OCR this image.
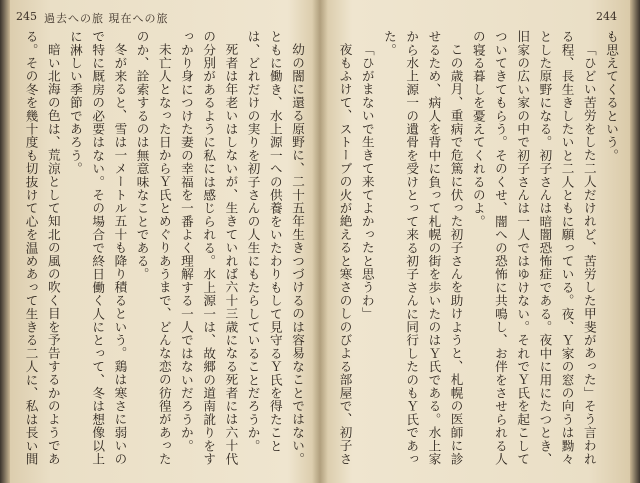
245 過去への旅 現在への旅	244

幼の闇に還る原野に、二十五年生きつづけるのは容易なことではない。ともに働き、水上源一への供養をいたわりもして見守るＹ氏を得たことは、どれだけの実りを初子さんの人生にもたらしていることだろうか。

死者は年老いはしないが、生きていれば六十三歳になる死者には六十代の分別があるように私には感じられる。水上源一は、故郷の道南訛りをすっかり身につけた妻の幸福を一番よく理解する一人ではないだろうか。

未亡人となった日からＹ氏とめぐりあうまで、どんな恋の彷徨があったのか、詮索するのは無意味なことである。

冬が来ると、雪は一メートル五十も降り積るという。鶏は寒さに弱いので特に厩房の必要はない。その場合で終日働く人にとって、冬は想像以上に淋しい季節であろう。

暗い北海の色は、荒涼として知北の風の吹く目を予告するかのようである。その冬を幾十度も切抜けて心を温めあって生きる二人に、私は長い間

も思えてくるという。

「ひどい苦労をした二人だけれど、苦労した甲斐があった」そう言われる程、長生きしたいと二人ともに願っている。夜、Ｙ家の窓の向うは黝々とした原野になる。初子さんは暗闇恐怖症である。夜中に用にたつとき、旧家の広い家の中で初子さんは一人ではゆけない。それでＹ氏を起こしてついてきてもらう。そのくせ、闇への恐怖に共鳴し、お伴をさせられる人の寝る暮しを憂えてくれるのよ。

この歳月、重病で危篤に伏った初子さんを助けようと、札幌の医師に診せるため、病人を背中に負って札幌の街を歩いたのはＹ氏である。水上家から水上源一の遺骨を受けとって来る初子さんに同行したのもＹ氏であった。

「ひがまないで生きて来てよかったと思うわ」

夜もふけて、ストーブの火が絶えると寒さのしのびよる部屋で、初子さ
